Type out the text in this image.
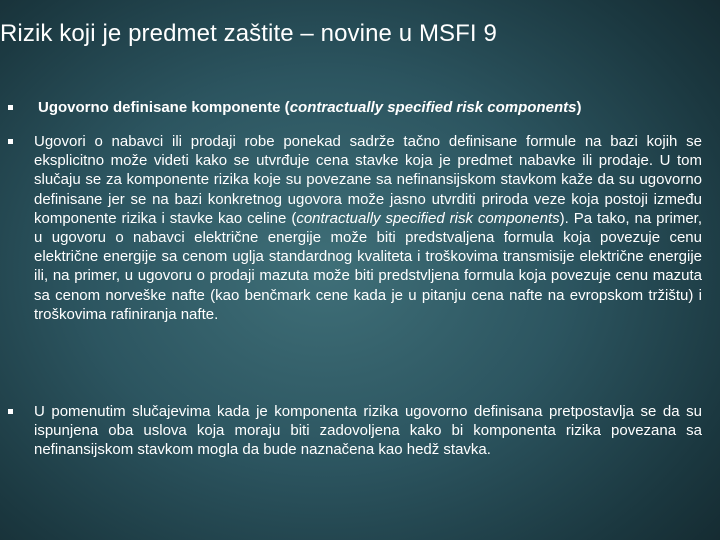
Rizik koji je predmet zaštite – novine u MSFI 9
Ugovorno definisane komponente (contractually specified risk components)
Ugovori o nabavci ili prodaji robe ponekad sadrže tačno definisane formule na bazi kojih se eksplicitno može videti kako se utvrđuje cena stavke koja je predmet nabavke ili prodaje. U tom slučaju se za komponente rizika koje su povezane sa nefinansijskom stavkom kaže da su ugovorno definisane jer se na bazi konkretnog ugovora može jasno utvrditi priroda veze koja postoji između komponente rizika i stavke kao celine (contractually specified risk components). Pa tako, na primer, u ugovoru o nabavci električne energije može biti predstvaljena formula koja povezuje cenu električne energije sa cenom uglja standardnog kvaliteta i troškovima transmisije električne energije ili, na primer, u ugovoru o prodaji mazuta može biti predstvljena formula koja povezuje cenu mazuta sa cenom norveške nafte (kao benčmark cene kada je u pitanju cena nafte na evropskom tržištu) i troškovima rafiniranja nafte.
U pomenutim slučajevima kada je komponenta rizika ugovorno definisana pretpostavlja se da su ispunjena oba uslova koja moraju biti zadovoljena kako bi komponenta rizika povezana sa nefinansijskom stavkom mogla da bude naznačena kao hedž stavka.
